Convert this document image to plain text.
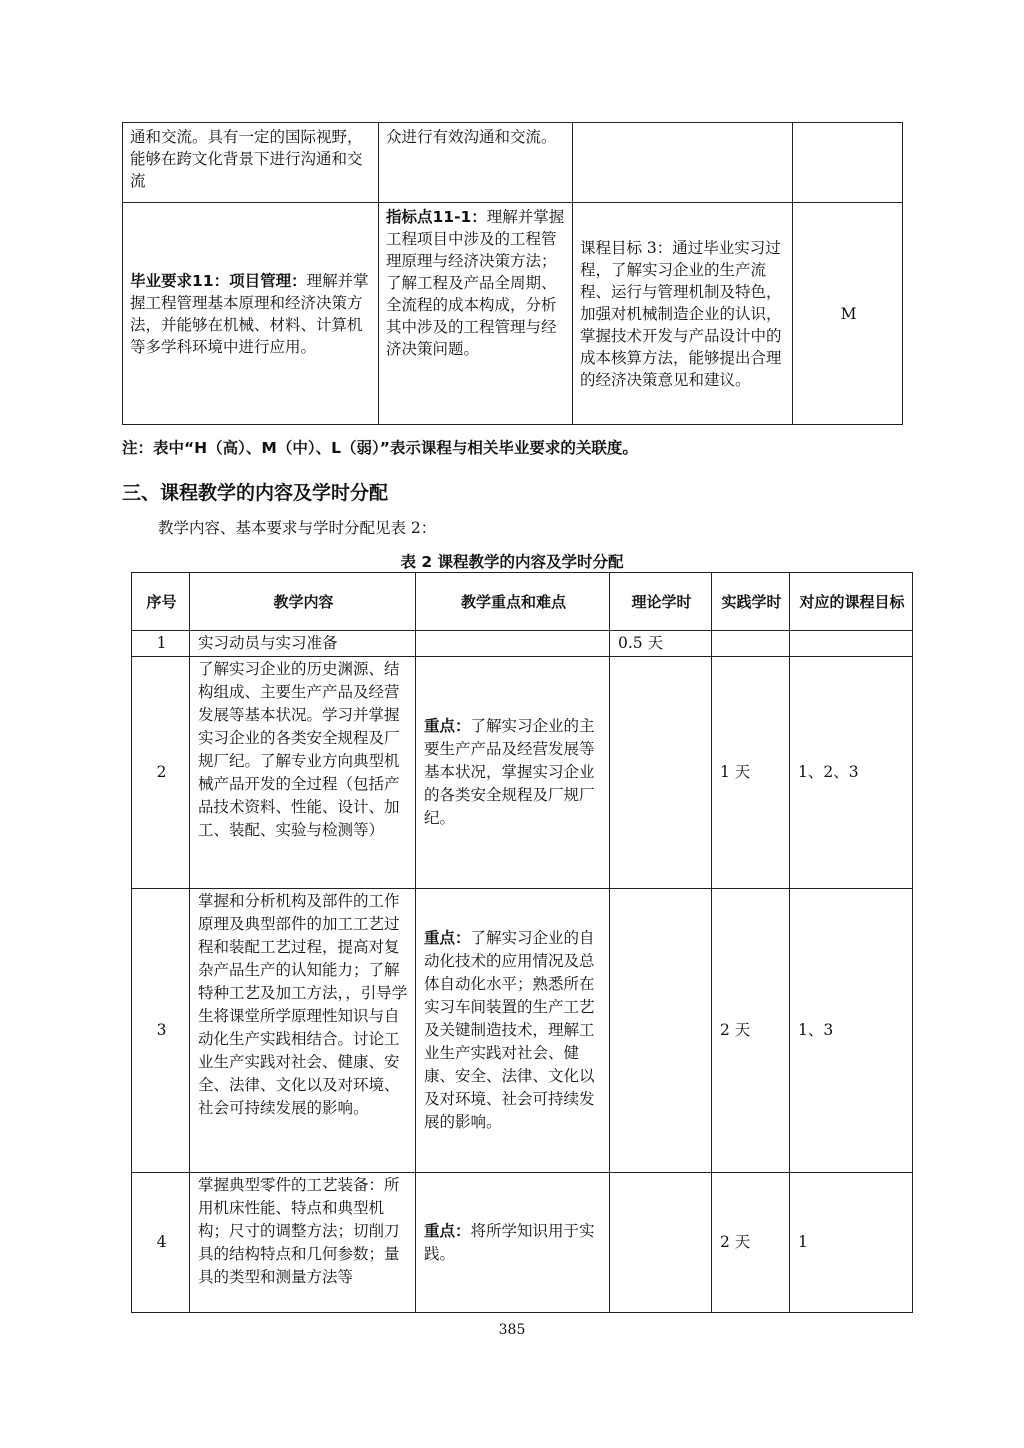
通和交流。具有一定的国际视野，能够在跨文化背景下进行沟通和交流	众进行有效沟通和交流。		
毕业要求11：项目管理：理解并掌握工程管理基本原理和经济决策方法，并能够在机械、材料、计算机等多学科环境中进行应用。	指标点11-1：理解并掌握工程项目中涉及的工程管理原理与经济决策方法；了解工程及产品全周期、全流程的成本构成，分析其中涉及的工程管理与经济决策问题。	课程目标 3：通过毕业实习过程，了解实习企业的生产流程、运行与管理机制及特色，加强对机械制造企业的认识，掌握技术开发与产品设计中的成本核算方法，能够提出合理的经济决策意见和建议。	M
注：表中“H（高）、M（中）、L（弱）”表示课程与相关毕业要求的关联度。
三、课程教学的内容及学时分配
教学内容、基本要求与学时分配见表 2：
表 2 课程教学的内容及学时分配
序号	教学内容	教学重点和难点	理论学时	实践学时	对应的课程目标
1	实习动员与实习准备		0.5 天		
2	了解实习企业的历史渊源、结构组成、主要生产产品及经营发展等基本状况。学习并掌握实习企业的各类安全规程及厂规厂纪。了解专业方向典型机械产品开发的全过程（包括产品技术资料、性能、设计、加工、装配、实验与检测等）	重点：了解实习企业的主要生产产品及经营发展等基本状况，掌握实习企业的各类安全规程及厂规厂纪。		1 天	1、2、3
3	掌握和分析机构及部件的工作原理及典型部件的加工工艺过程和装配工艺过程，提高对复杂产品生产的认知能力；了解特种工艺及加工方法，，引导学生将课堂所学原理性知识与自动化生产实践相结合。讨论工业生产实践对社会、健康、安全、法律、文化以及对环境、社会可持续发展的影响。	重点：了解实习企业的自动化技术的应用情况及总体自动化水平；熟悉所在实习车间装置的生产工艺及关键制造技术，理解工业生产实践对社会、健康、安全、法律、文化以及对环境、社会可持续发展的影响。		2 天	1、3
4	掌握典型零件的工艺装备：所用机床性能、特点和典型机构；尺寸的调整方法；切削刀具的结构特点和几何参数；量具的类型和测量方法等	重点：将所学知识用于实践。		2 天	1
385
